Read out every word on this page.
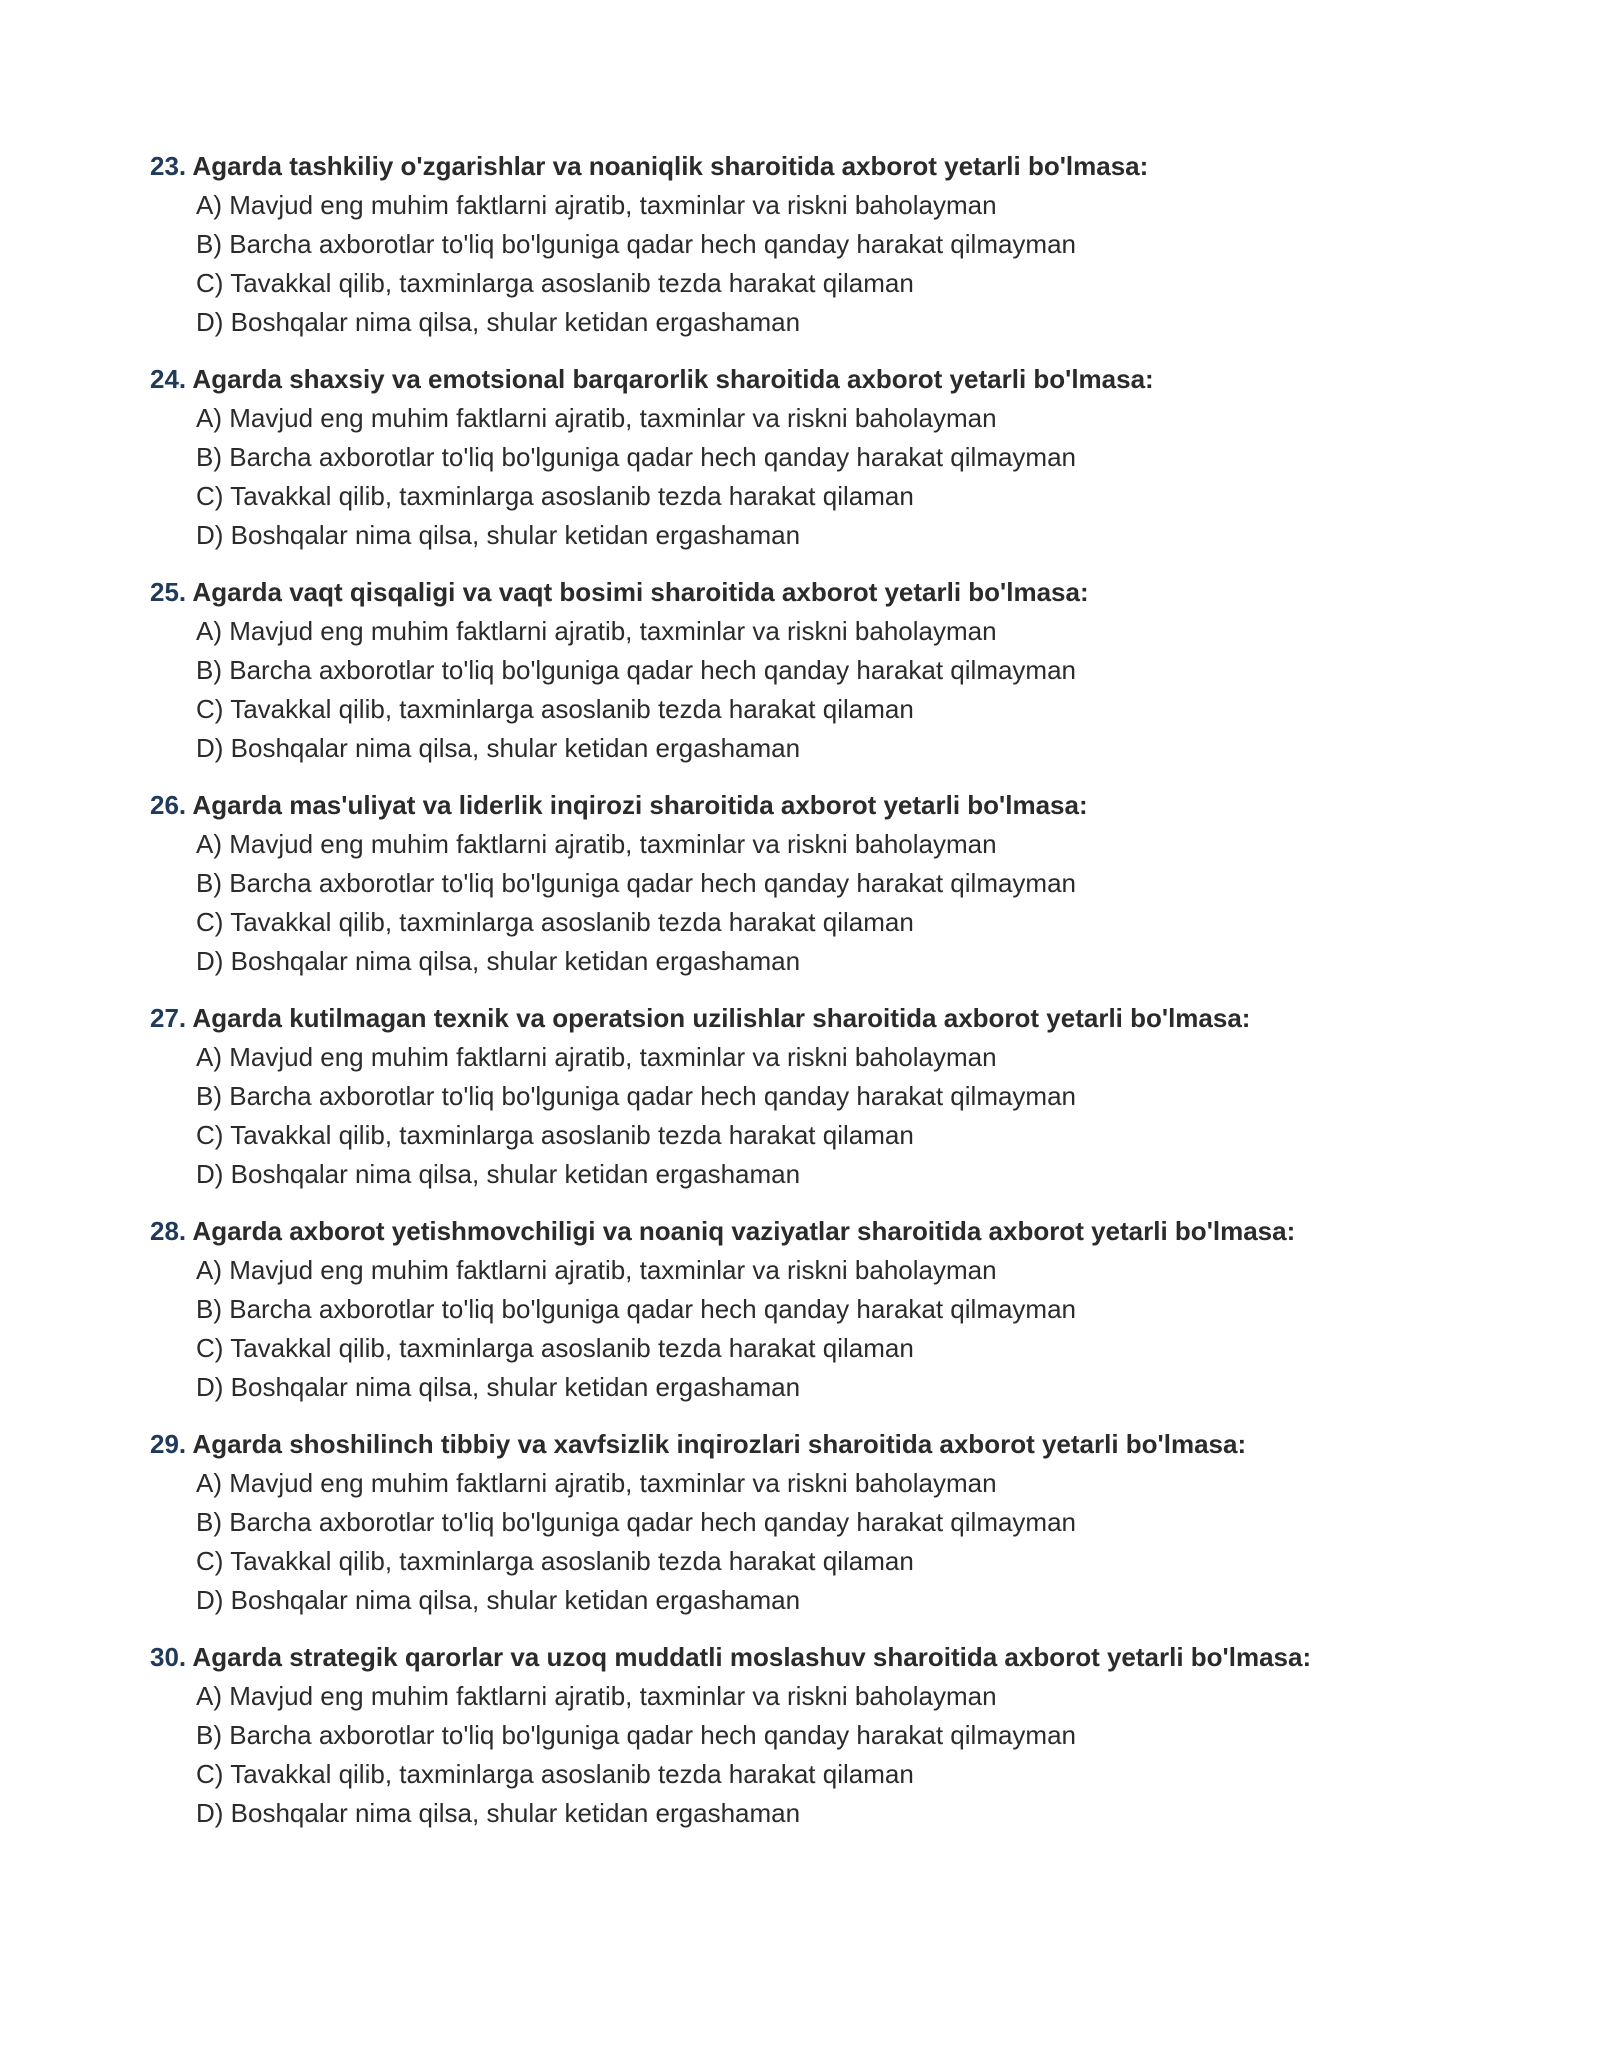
23. Agarda tashkiliy o'zgarishlar va noaniqlik sharoitida axborot yetarli bo'lmasa:
A) Mavjud eng muhim faktlarni ajratib, taxminlar va riskni baholayman
B) Barcha axborotlar to'liq bo'lguniga qadar hech qanday harakat qilmayman
C) Tavakkal qilib, taxminlarga asoslanib tezda harakat qilaman
D) Boshqalar nima qilsa, shular ketidan ergashaman
24. Agarda shaxsiy va emotsional barqarorlik sharoitida axborot yetarli bo'lmasa:
A) Mavjud eng muhim faktlarni ajratib, taxminlar va riskni baholayman
B) Barcha axborotlar to'liq bo'lguniga qadar hech qanday harakat qilmayman
C) Tavakkal qilib, taxminlarga asoslanib tezda harakat qilaman
D) Boshqalar nima qilsa, shular ketidan ergashaman
25. Agarda vaqt qisqaligi va vaqt bosimi sharoitida axborot yetarli bo'lmasa:
A) Mavjud eng muhim faktlarni ajratib, taxminlar va riskni baholayman
B) Barcha axborotlar to'liq bo'lguniga qadar hech qanday harakat qilmayman
C) Tavakkal qilib, taxminlarga asoslanib tezda harakat qilaman
D) Boshqalar nima qilsa, shular ketidan ergashaman
26. Agarda mas'uliyat va liderlik inqirozi sharoitida axborot yetarli bo'lmasa:
A) Mavjud eng muhim faktlarni ajratib, taxminlar va riskni baholayman
B) Barcha axborotlar to'liq bo'lguniga qadar hech qanday harakat qilmayman
C) Tavakkal qilib, taxminlarga asoslanib tezda harakat qilaman
D) Boshqalar nima qilsa, shular ketidan ergashaman
27. Agarda kutilmagan texnik va operatsion uzilishlar sharoitida axborot yetarli bo'lmasa:
A) Mavjud eng muhim faktlarni ajratib, taxminlar va riskni baholayman
B) Barcha axborotlar to'liq bo'lguniga qadar hech qanday harakat qilmayman
C) Tavakkal qilib, taxminlarga asoslanib tezda harakat qilaman
D) Boshqalar nima qilsa, shular ketidan ergashaman
28. Agarda axborot yetishmovchiligi va noaniq vaziyatlar sharoitida axborot yetarli bo'lmasa:
A) Mavjud eng muhim faktlarni ajratib, taxminlar va riskni baholayman
B) Barcha axborotlar to'liq bo'lguniga qadar hech qanday harakat qilmayman
C) Tavakkal qilib, taxminlarga asoslanib tezda harakat qilaman
D) Boshqalar nima qilsa, shular ketidan ergashaman
29. Agarda shoshilinch tibbiy va xavfsizlik inqirozlari sharoitida axborot yetarli bo'lmasa:
A) Mavjud eng muhim faktlarni ajratib, taxminlar va riskni baholayman
B) Barcha axborotlar to'liq bo'lguniga qadar hech qanday harakat qilmayman
C) Tavakkal qilib, taxminlarga asoslanib tezda harakat qilaman
D) Boshqalar nima qilsa, shular ketidan ergashaman
30. Agarda strategik qarorlar va uzoq muddatli moslashuv sharoitida axborot yetarli bo'lmasa:
A) Mavjud eng muhim faktlarni ajratib, taxminlar va riskni baholayman
B) Barcha axborotlar to'liq bo'lguniga qadar hech qanday harakat qilmayman
C) Tavakkal qilib, taxminlarga asoslanib tezda harakat qilaman
D) Boshqalar nima qilsa, shular ketidan ergashaman
